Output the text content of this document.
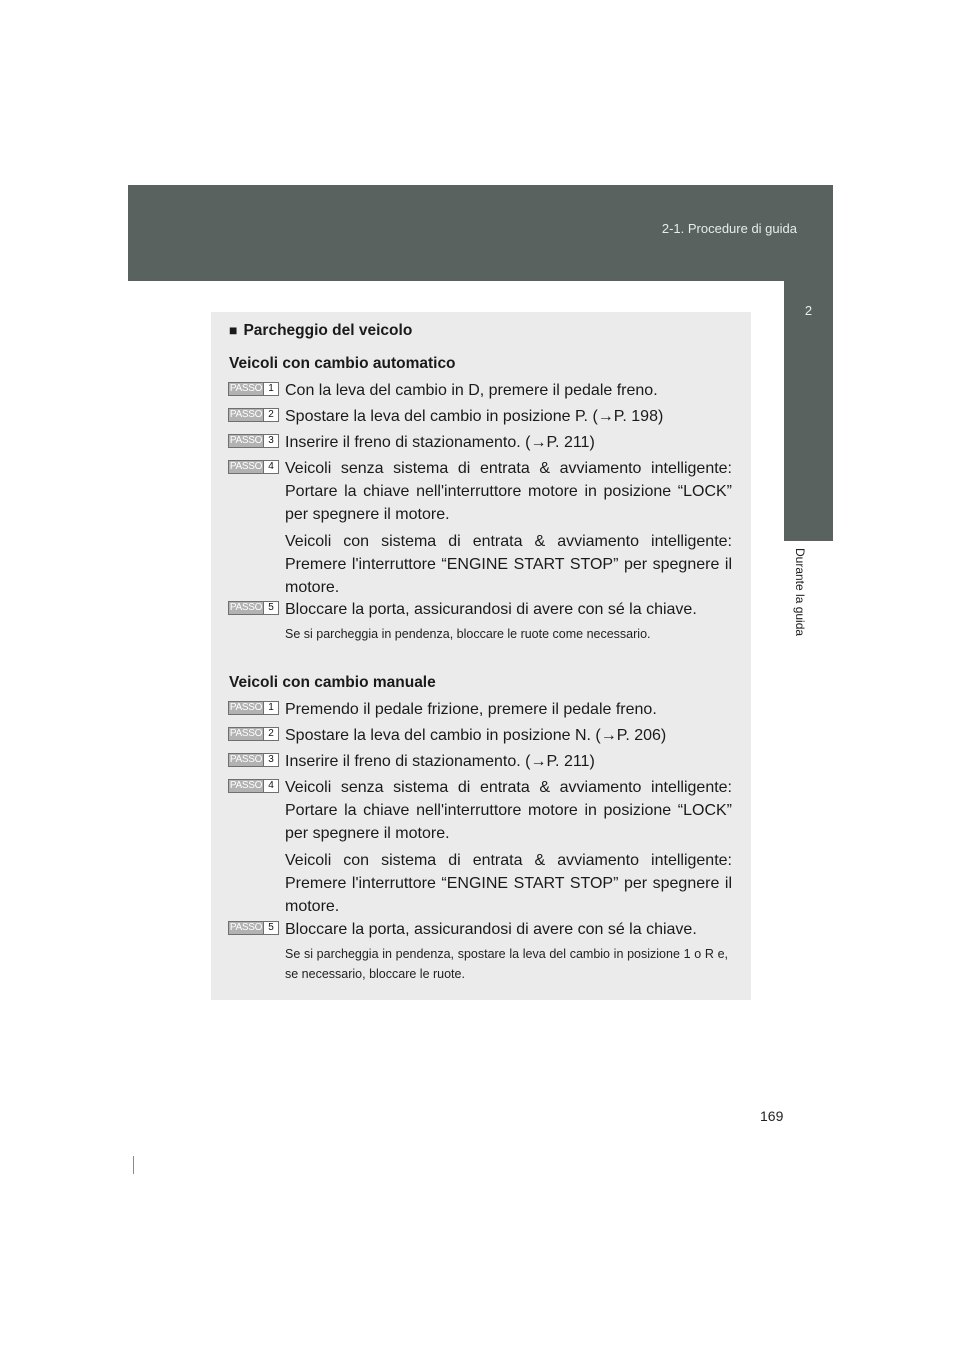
2-1. Procedure di guida
2
Durante la guida
■ Parcheggio del veicolo
Veicoli con cambio automatico
PASSO 1 Con la leva del cambio in D, premere il pedale freno.

PASSO 2 Spostare la leva del cambio in posizione P. (→P. 198)

PASSO 3 Inserire il freno di stazionamento. (→P. 211)

PASSO 4 Veicoli senza sistema di entrata & avviamento intelligente: Portare la chiave nell'interruttore motore in posizione “LOCK” per spegnere il motore.

Veicoli con sistema di entrata & avviamento intelligente: Premere l'interruttore “ENGINE START STOP” per spegnere il motore.

PASSO 5 Bloccare la porta, assicurandosi di avere con sé la chiave.

Se si parcheggia in pendenza, bloccare le ruote come necessario.
Veicoli con cambio manuale
PASSO 1 Premendo il pedale frizione, premere il pedale freno.

PASSO 2 Spostare la leva del cambio in posizione N. (→P. 206)

PASSO 3 Inserire il freno di stazionamento. (→P. 211)

PASSO 4 Veicoli senza sistema di entrata & avviamento intelligente: Portare la chiave nell'interruttore motore in posizione “LOCK” per spegnere il motore.

Veicoli con sistema di entrata & avviamento intelligente: Premere l'interruttore “ENGINE START STOP” per spegnere il motore.

PASSO 5 Bloccare la porta, assicurandosi di avere con sé la chiave.

Se si parcheggia in pendenza, spostare la leva del cambio in posizione 1 o R e, se necessario, bloccare le ruote.
169
